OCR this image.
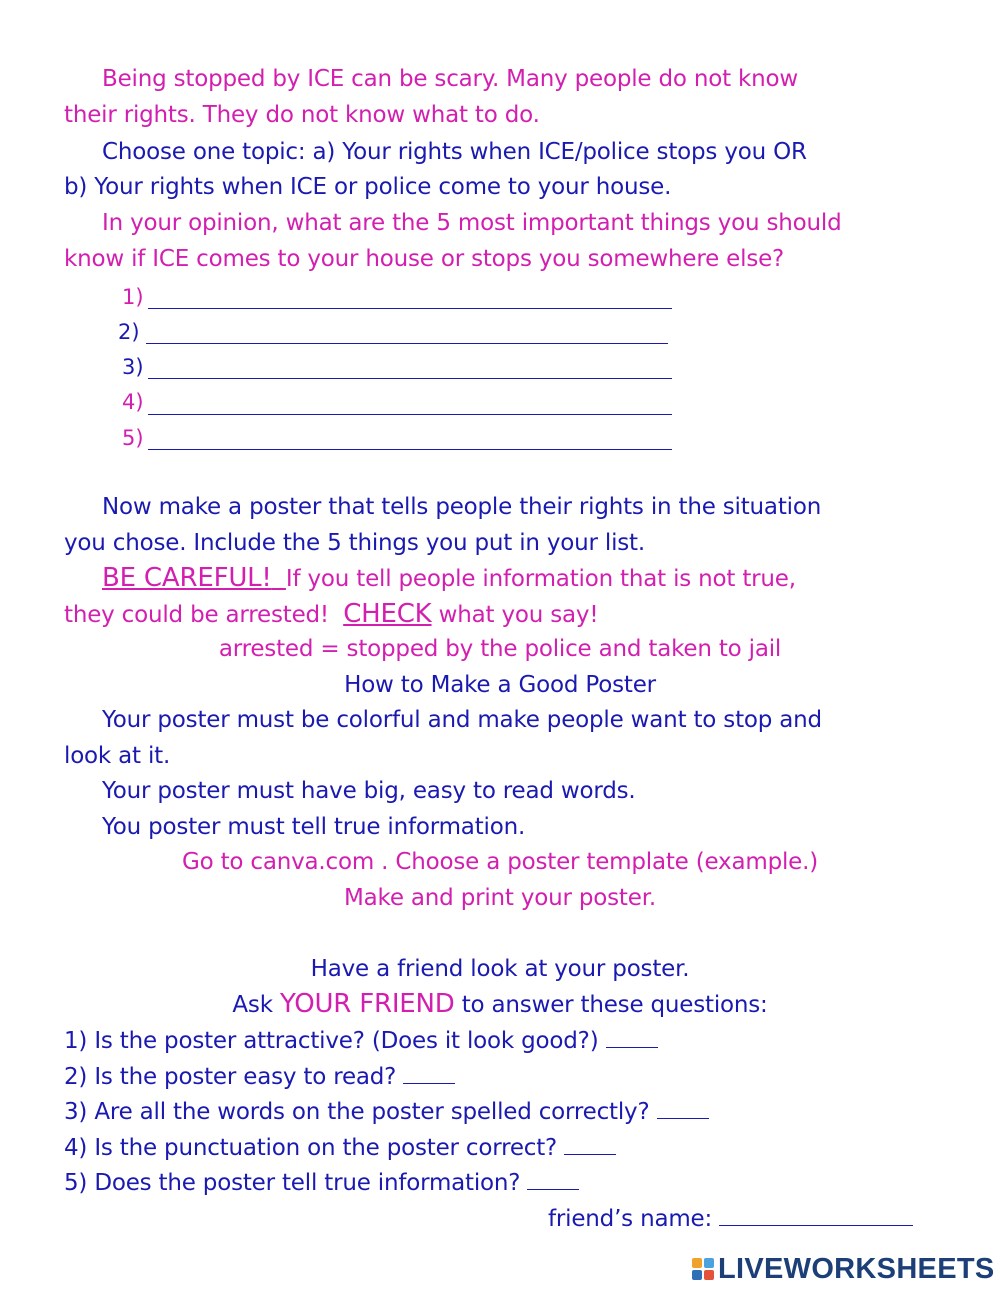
Being stopped by ICE can be scary. Many people do not know

their rights. They do not know what to do.

Choose one topic: a) Your rights when ICE/police stops you OR

b) Your rights when ICE or police come to your house.

In your opinion, what are the 5 most important things you should

know if ICE comes to your house or stops you somewhere else?

1)
2)
3)
4)
5)

Now make a poster that tells people their rights in the situation

you chose. Include the 5 things you put in your list.

BE CAREFUL! If you tell people information that is not true,

they could be arrested! CHECK what you say!

arrested = stopped by the police and taken to jail

How to Make a Good Poster

Your poster must be colorful and make people want to stop and

look at it.

Your poster must have big, easy to read words.

You poster must tell true information.

Go to canva.com . Choose a poster template (example.)

Make and print your poster.

Have a friend look at your poster.

Ask YOUR FRIEND to answer these questions:

1) Is the poster attractive? (Does it look good?)

2) Is the poster easy to read?

3) Are all the words on the poster spelled correctly?

4) Is the punctuation on the poster correct?

5) Does the poster tell true information?

friend’s name:

LIVEWORKSHEETS
